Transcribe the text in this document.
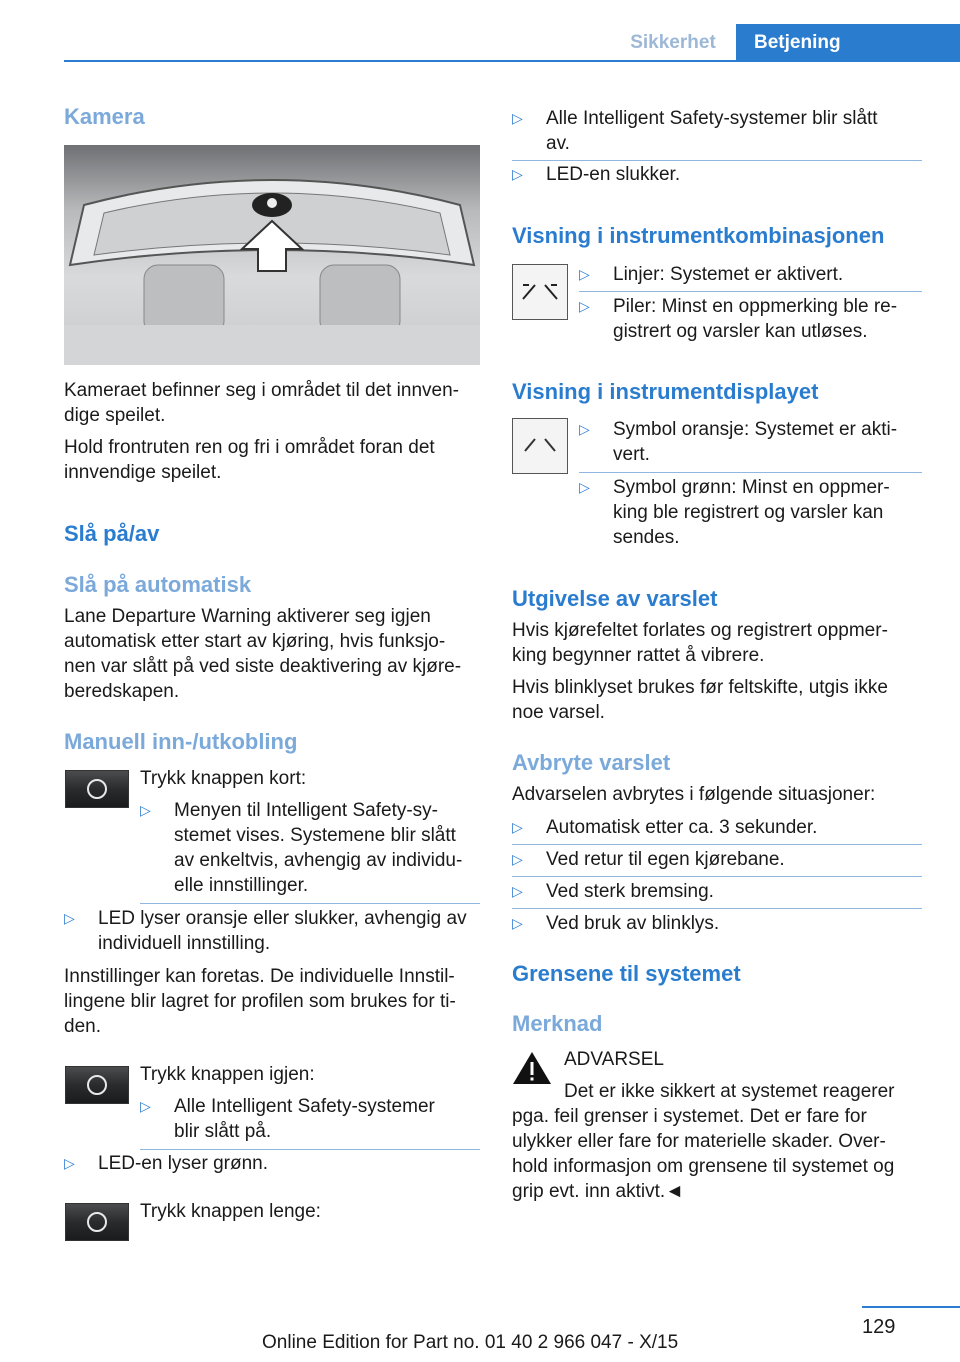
Sikkerhet	Betjening
Kamera
Kameraet befinner seg i området til det innven-
dige speilet.
Hold frontruten ren og fri i området foran det
innvendige speilet.
Slå på/av
Slå på automatisk
Lane Departure Warning aktiverer seg igjen
automatisk etter start av kjøring, hvis funksjo-
nen var slått på ved siste deaktivering av kjøre-
beredskapen.
Manuell inn-/utkobling
Trykk knappen kort:
▷ Menyen til Intelligent Safety-sy-
stemet vises. Systemene blir slått
av enkeltvis, avhengig av individu-
elle innstillinger.
▷ LED lyser oransje eller slukker, avhengig av
individuell innstilling.
Innstillinger kan foretas. De individuelle Innstil-
lingene blir lagret for profilen som brukes for ti-
den.
Trykk knappen igjen:
▷ Alle Intelligent Safety-systemer
blir slått på.
▷ LED-en lyser grønn.
Trykk knappen lenge:
▷ Alle Intelligent Safety-systemer blir slått
av.
▷ LED-en slukker.
Visning i instrumentkombinasjonen
▷ Linjer: Systemet er aktivert.
▷ Piler: Minst en oppmerking ble re-
gistrert og varsler kan utløses.
Visning i instrumentdisplayet
▷ Symbol oransje: Systemet er akti-
vert.
▷ Symbol grønn: Minst en oppmer-
king ble registrert og varsler kan
sendes.
Utgivelse av varslet
Hvis kjørefeltet forlates og registrert oppmer-
king begynner rattet å vibrere.
Hvis blinklyset brukes før feltskifte, utgis ikke
noe varsel.
Avbryte varslet
Advarselen avbrytes i følgende situasjoner:
▷ Automatisk etter ca. 3 sekunder.
▷ Ved retur til egen kjørebane.
▷ Ved sterk bremsing.
▷ Ved bruk av blinklys.
Grensene til systemet
Merknad
ADVARSEL
Det er ikke sikkert at systemet reagerer
pga. feil grenser i systemet. Det er fare for
ulykker eller fare for materielle skader. Over-
hold informasjon om grensene til systemet og
grip evt. inn aktivt.◄
129
Online Edition for Part no. 01 40 2 966 047 - X/15
